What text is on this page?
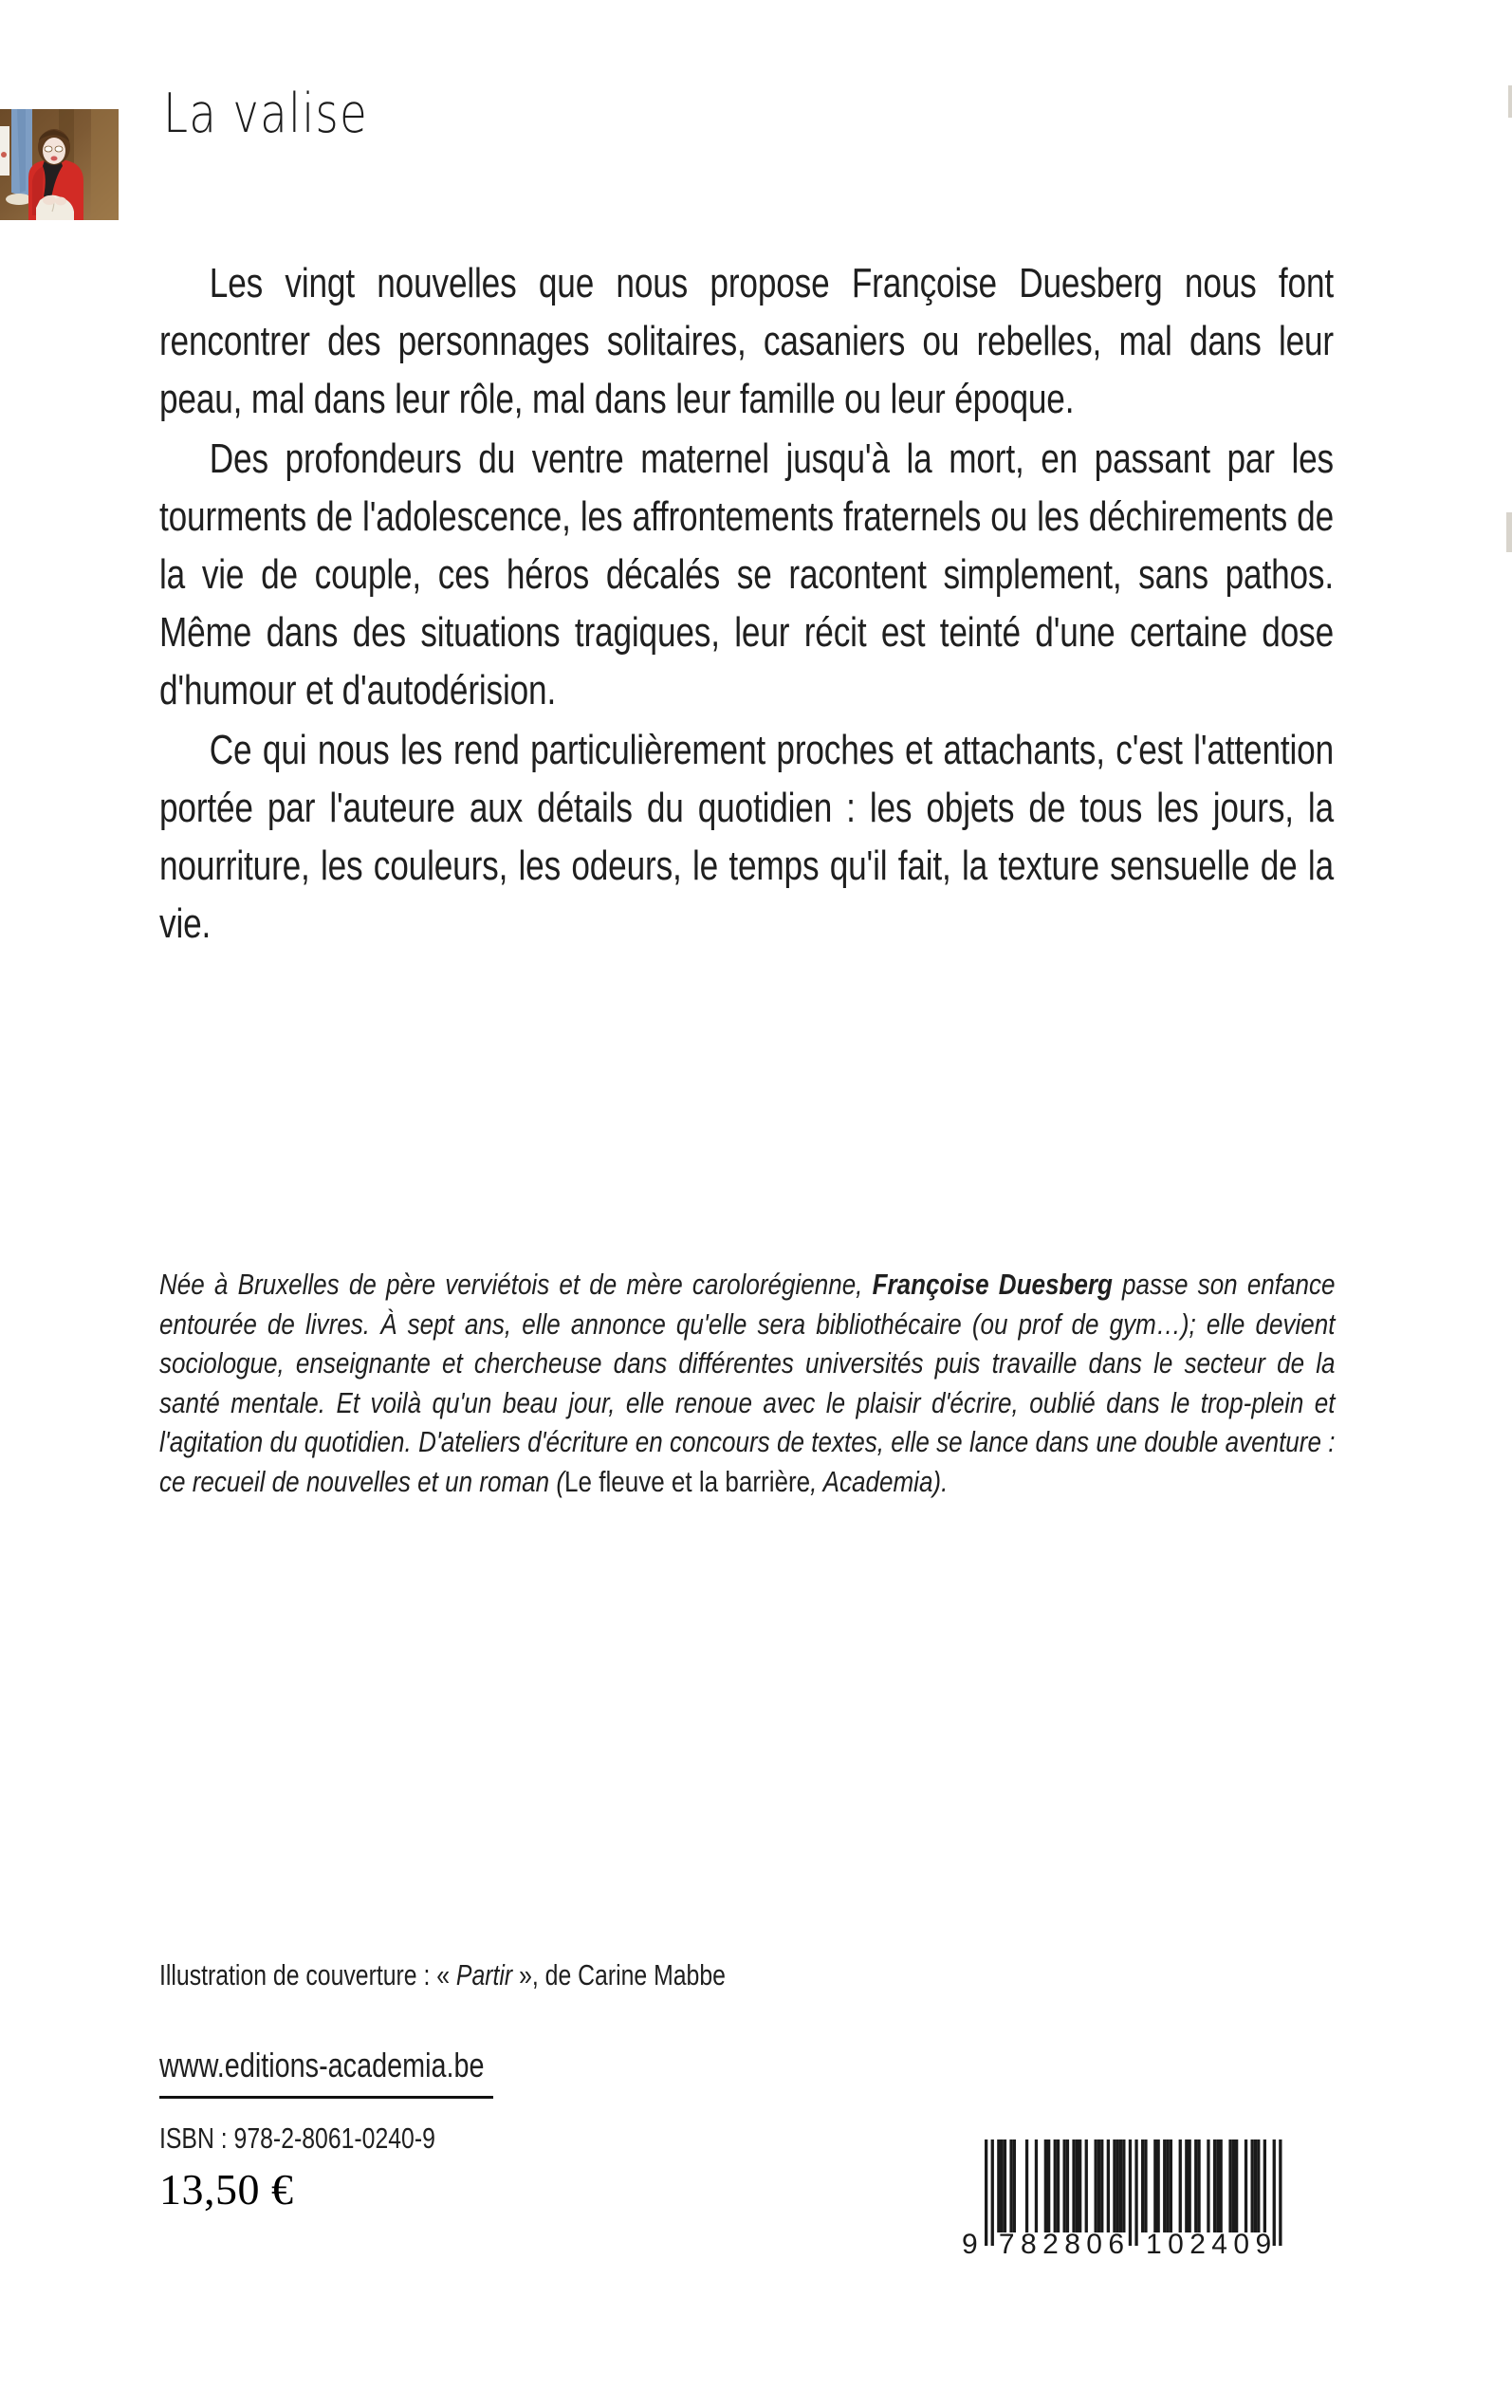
La valise

Les vingt nouvelles que nous propose Françoise Duesberg nous font rencontrer des personnages solitaires, casaniers ou rebelles, mal dans leur peau, mal dans leur rôle, mal dans leur famille ou leur époque.

Des profondeurs du ventre maternel jusqu'à la mort, en passant par les tourments de l'adolescence, les affrontements fraternels ou les déchirements de la vie de couple, ces héros décalés se racontent simplement, sans pathos. Même dans des situations tragiques, leur récit est teinté d'une certaine dose d'humour et d'autodérision.

Ce qui nous les rend particulièrement proches et attachants, c'est l'attention portée par l'auteure aux détails du quotidien : les objets de tous les jours, la nourriture, les couleurs, les odeurs, le temps qu'il fait, la texture sensuelle de la vie.

Née à Bruxelles de père verviétois et de mère carolorégienne, Françoise Duesberg passe son enfance entourée de livres. À sept ans, elle annonce qu'elle sera bibliothécaire (ou prof de gym…); elle devient sociologue, enseignante et chercheuse dans différentes universités puis travaille dans le secteur de la santé mentale. Et voilà qu'un beau jour, elle renoue avec le plaisir d'écrire, oublié dans le trop-plein et l'agitation du quotidien. D'ateliers d'écriture en concours de textes, elle se lance dans une double aventure : ce recueil de nouvelles et un roman (Le fleuve et la barrière, Academia).

Illustration de couverture : « Partir », de Carine Mabbe
www.editions-academia.be
ISBN : 978-2-8061-0240-9
13,50 €
9 7 8 2 8 0 6 1 0 2 4 0 9
